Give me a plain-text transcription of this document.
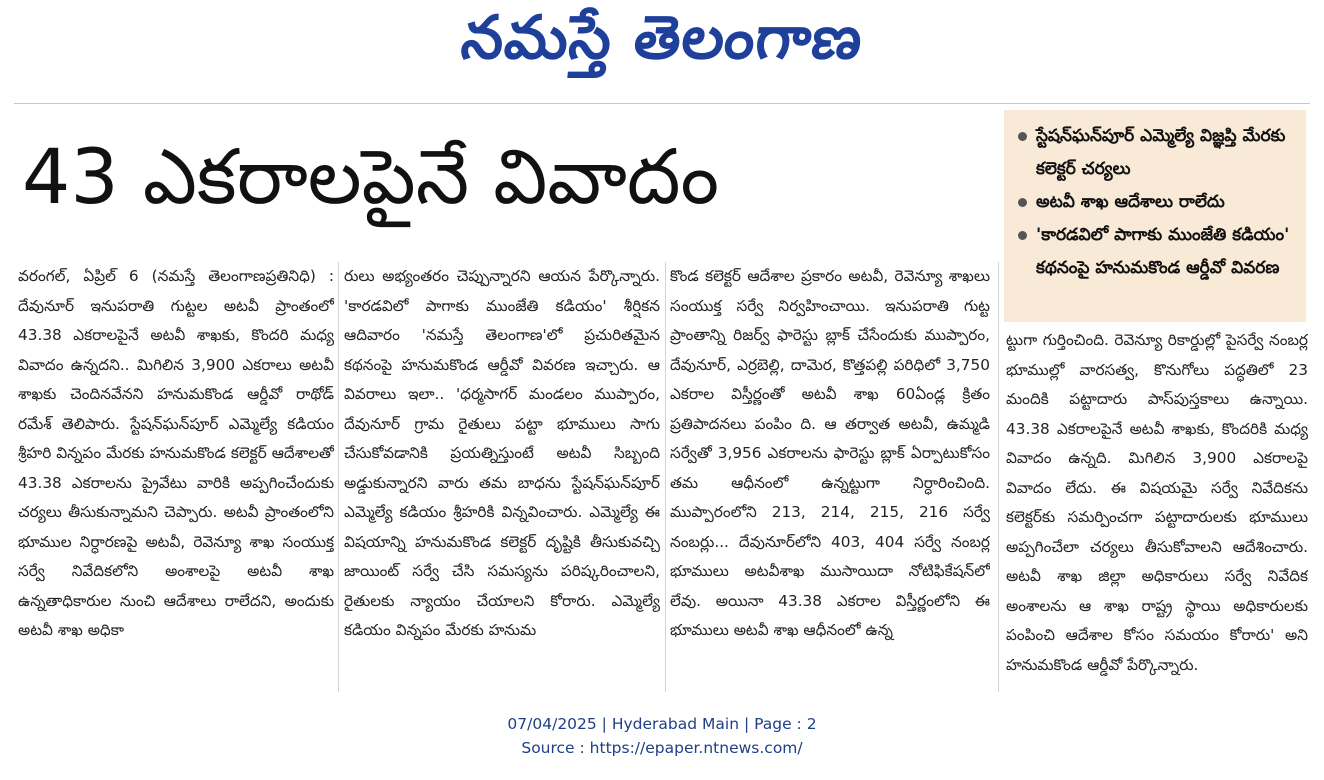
నమస్తే తెలంగాణ
43 ఎకరాలపైనే వివాదం	స్టేషన్‌ఘన్‌పూర్ ఎమ్మెల్యే విజ్ఞప్తి మేరకు కలెక్టర్ చర్యలు
అటవీ శాఖ ఆదేశాలు రాలేదు
'కారడవిలో పాగాకు ముంజేతి కడియం' కథనంపై హనుమకొండ ఆర్డీవో వివరణ
వరంగల్, ఏప్రిల్ 6 (నమస్తే తెలంగాణప్రతినిధి) : దేవునూర్ ఇనుపరాతి గుట్టల అటవీ ప్రాంతంలో 43.38 ఎకరాలపైనే అటవీ శాఖకు, కొందరి మధ్య వివాదం ఉన్నదని.. మిగిలిన 3,900 ఎకరాలు అటవీ శాఖకు చెందినవేనని హనుమకొండ ఆర్డీవో రాథోడ్ రమేశ్ తెలిపారు. స్టేషన్‌ఘన్‌పూర్ ఎమ్మెల్యే కడియం శ్రీహరి విన్నపం మేరకు హనుమకొండ కలెక్టర్ ఆదేశాలతో 43.38 ఎకరాలను ప్రైవేటు వారికి అప్పగించేందుకు చర్యలు తీసుకున్నామని చెప్పారు. అటవీ ప్రాంతంలోని భూముల నిర్ధారణపై అటవీ, రెవెన్యూ శాఖ సంయుక్త సర్వే నివేదికలోని అంశాలపై అటవీ శాఖ ఉన్నతాధికారుల నుంచి ఆదేశాలు రాలేదని, అందుకు అటవీ శాఖ అధికా
రులు అభ్యంతరం చెప్పున్నారని ఆయన పేర్కొన్నారు. 'కారడవిలో పాగాకు ముంజేతి కడియం' శీర్షికన ఆదివారం 'నమస్తే తెలంగాణ'లో ప్రచురితమైన కథనంపై హనుమకొండ ఆర్డీవో వివరణ ఇచ్చారు. ఆ వివరాలు ఇలా.. 'ధర్మసాగర్ మండలం ముప్పారం, దేవునూర్ గ్రామ రైతులు పట్టా భూములు సాగు చేసుకోవడానికి ప్రయత్నిస్తుంటే అటవీ సిబ్బంది అడ్డుకున్నారని వారు తమ బాధను స్టేషన్‌ఘన్‌పూర్ ఎమ్మెల్యే కడియం శ్రీహరికి విన్నవించారు. ఎమ్మెల్యే ఈ విషయాన్ని హనుమకొండ కలెక్టర్ దృష్టికి తీసుకువచ్చి జాయింట్ సర్వే చేసి సమస్యను పరిష్కరించాలని, రైతులకు న్యాయం చేయాలని కోరారు. ఎమ్మెల్యే కడియం విన్నపం మేరకు హనుమ
కొండ కలెక్టర్ ఆదేశాల ప్రకారం అటవీ, రెవెన్యూ శాఖలు సంయుక్త సర్వే నిర్వహించాయి. ఇనుపరాతి గుట్ట ప్రాంతాన్ని రిజర్వ్ ఫారెస్టు బ్లాక్ చేసేందుకు ముప్పారం, దేవునూర్, ఎర్రబెల్లి, దామెర, కొత్తపల్లి పరిధిలో 3,750 ఎకరాల విస్తీర్ణంతో అటవీ శాఖ 60ఏండ్ల క్రితం ప్రతిపాదనలు పంపిం ది. ఆ తర్వాత అటవీ, ఉమ్మడి సర్వేతో 3,956 ఎకరాలను ఫారెస్టు బ్లాక్ ఏర్పాటుకోసం తమ ఆధీనంలో ఉన్నట్టుగా నిర్ధారించింది. ముప్పారంలోని 213, 214, 215, 216 సర్వే నంబర్లు... దేవునూర్‌లోని 403, 404 సర్వే నంబర్ల భూములు అటవీశాఖ ముసాయిదా నోటిఫికేషన్‌లో లేవు. అయినా 43.38 ఎకరాల విస్తీర్ణంలోని ఈ భూములు అటవీ శాఖ ఆధీనంలో ఉన్న
ట్టుగా గుర్తించింది. రెవెన్యూ రికార్డుల్లో పైసర్వే నంబర్ల భూముల్లో వారసత్వ, కొనుగోలు పద్ధతిలో 23 మందికి పట్టాదారు పాస్‌పుస్తకాలు ఉన్నాయి. 43.38 ఎకరాలపైనే అటవీ శాఖకు, కొందరికి మధ్య వివాదం ఉన్నది. మిగిలిన 3,900 ఎకరాలపై వివాదం లేదు. ఈ విషయమై సర్వే నివేదికను కలెక్టర్‌కు సమర్పించగా పట్టాదారులకు భూములు అప్పగించేలా చర్యలు తీసుకోవాలని ఆదేశించారు. అటవీ శాఖ జిల్లా అధికారులు సర్వే నివేదిక అంశాలను ఆ శాఖ రాష్ట్ర స్థాయి అధికారులకు పంపించి ఆదేశాల కోసం సమయం కోరారు' అని హనుమకొండ ఆర్డీవో పేర్కొన్నారు.
07/04/2025 | Hyderabad Main | Page : 2
Source : https://epaper.ntnews.com/
